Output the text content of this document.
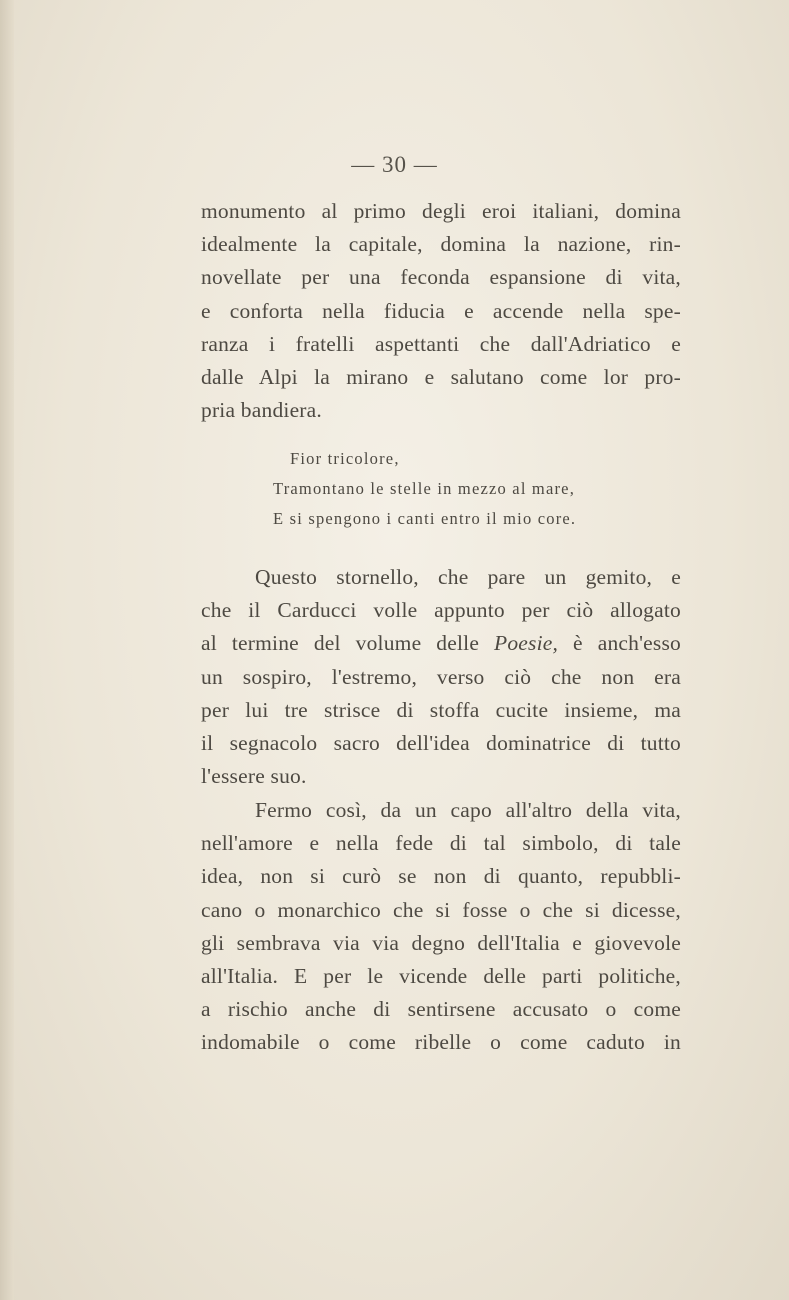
— 30 —
monumento al primo degli eroi italiani, domina
idealmente la capitale, domina la nazione, rin-
novellate per una feconda espansione di vita,
e conforta nella fiducia e accende nella spe-
ranza i fratelli aspettanti che dall'Adriatico e
dalle Alpi la mirano e salutano come lor pro-
pria bandiera.
Fior tricolore,
Tramontano le stelle in mezzo al mare,
E si spengono i canti entro il mio core.
Questo stornello, che pare un gemito, e
che il Carducci volle appunto per ciò allogato
al termine del volume delle Poesie, è anch'esso
un sospiro, l'estremo, verso ciò che non era
per lui tre strisce di stoffa cucite insieme, ma
il segnacolo sacro dell'idea dominatrice di tutto
l'essere suo.
Fermo così, da un capo all'altro della vita,
nell'amore e nella fede di tal simbolo, di tale
idea, non si curò se non di quanto, repubbli-
cano o monarchico che si fosse o che si dicesse,
gli sembrava via via degno dell'Italia e giovevole
all'Italia. E per le vicende delle parti politiche,
a rischio anche di sentirsene accusato o come
indomabile o come ribelle o come caduto in
